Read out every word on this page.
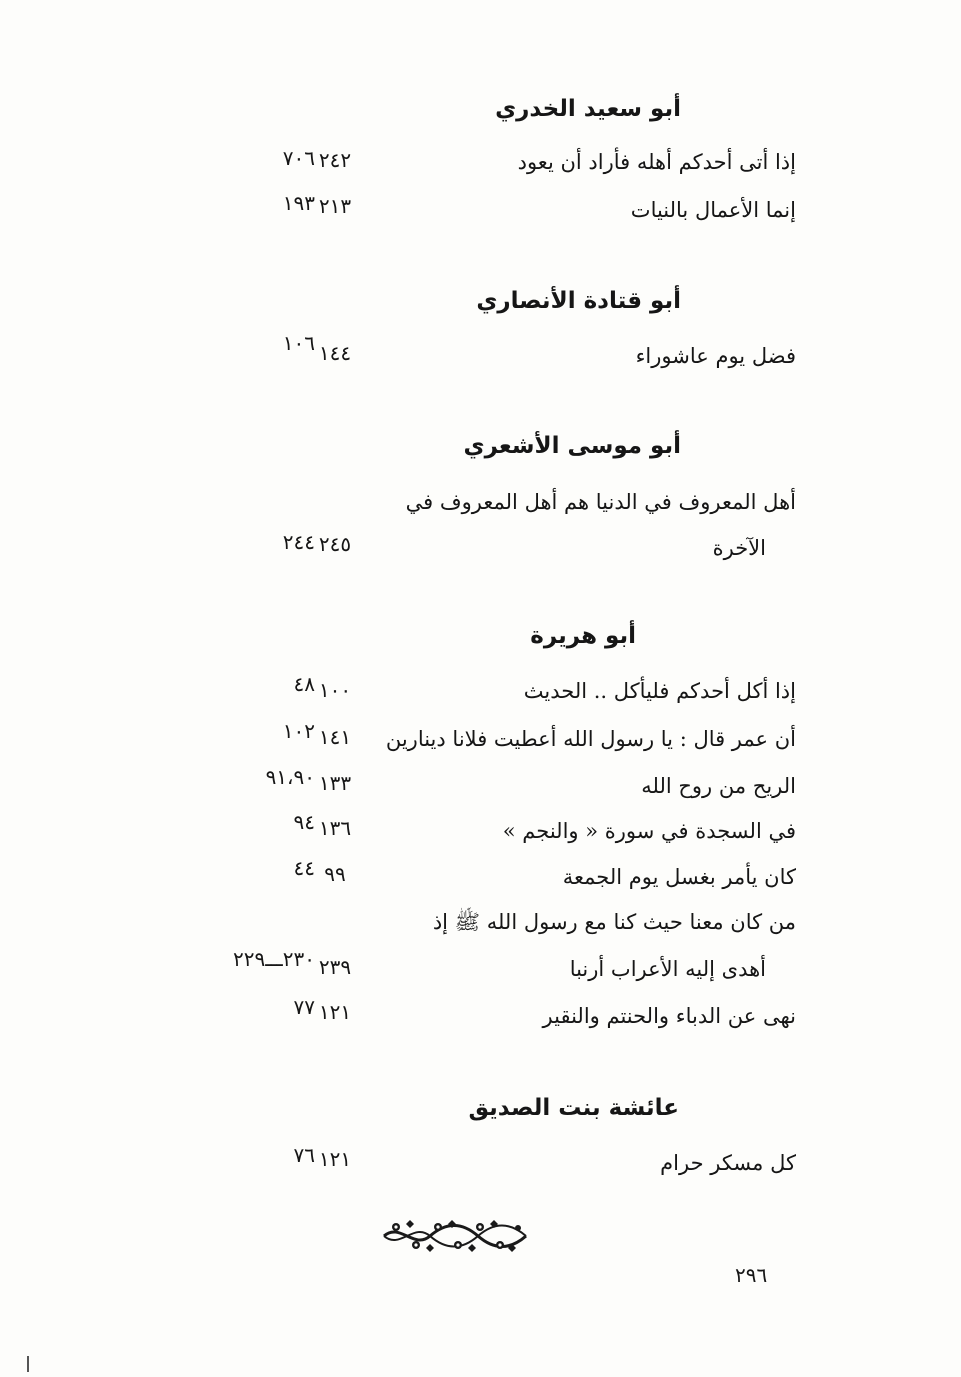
أبو سعيد الخدري
إذا أتى أحدكم أهله فأراد أن يعود
٢٤٢
٧٠٦
إنما الأعمال بالنيات
٢١٣
١٩٣
أبو قتادة الأنصاري
فضل يوم عاشوراء
١٤٤
١٠٦
أبو موسى الأشعري
أهل المعروف في الدنيا هم أهل المعروف في
الآخرة
٢٤٥
٢٤٤
أبو هريرة
إذا أكل أحدكم فليأكل .. الحديث
١٠٠
٤٨
أن عمر قال : يا رسول الله أعطيت فلانا دينارين
١٤١
١٠٢
الريح من روح الله
١٣٣
٩١،٩٠
في السجدة في سورة « والنجم »
١٣٦
٩٤
كان يأمر بغسل يوم الجمعة
٩٩
٤٤
من كان معنا حيث كنا مع رسول الله ﷺ إذ
أهدى إليه الأعراب أرنبا
٢٣٩
٢٣٠ـــ٢٢٩
نهى عن الدباء والحنتم والنقير
١٢١
٧٧
عائشة بنت الصديق
كل مسكر حرام
١٢١
٧٦
٢٩٦
